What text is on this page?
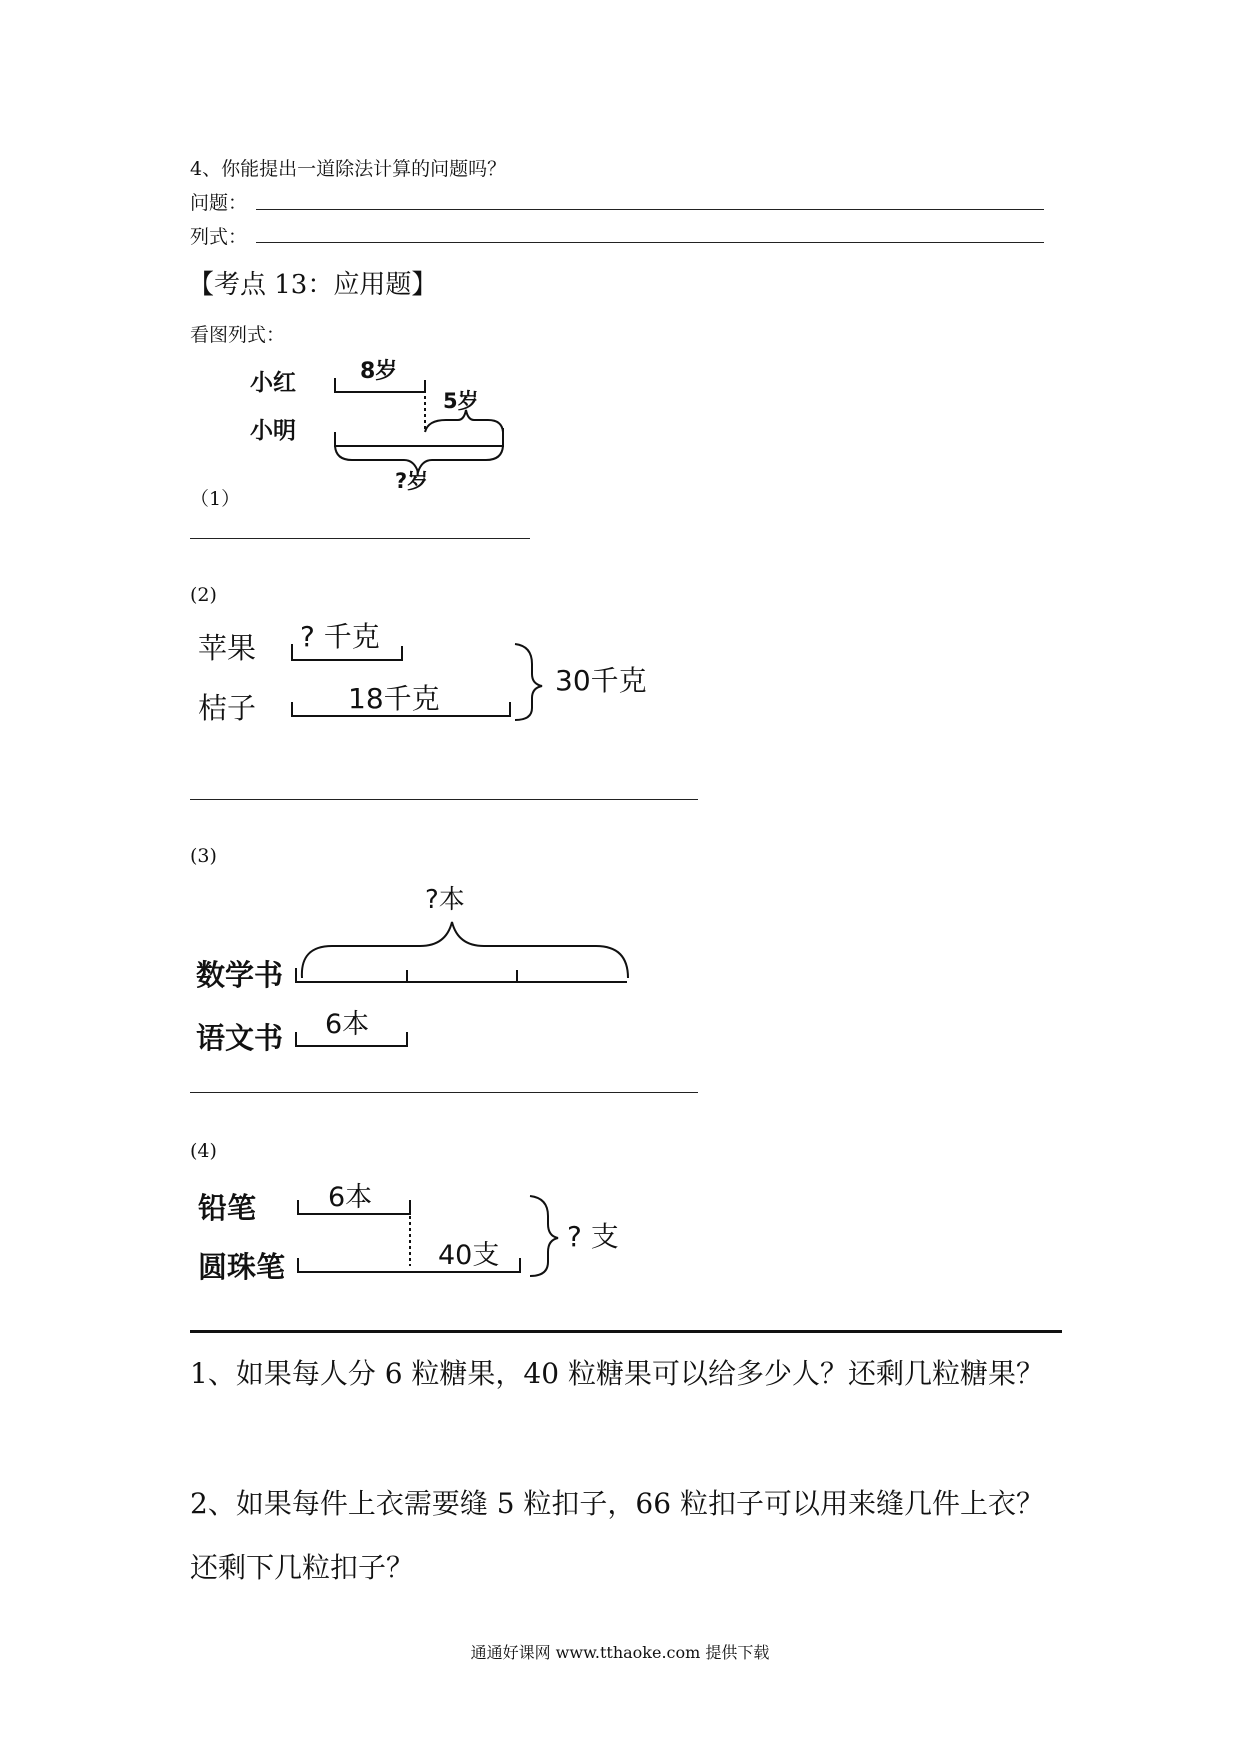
4、你能提出一道除法计算的问题吗？
问题：
列式：
【考点 13：应用题】
看图列式：
小红
小明
8岁
5岁
?岁
苹果
桔子
? 千克
18千克
30千克
?本
数学书
语文书 6本
铅笔
圆珠笔
6本
40支
? 支
（1）
(2)
(3)
(4)
1、如果每人分 6 粒糖果，40 粒糖果可以给多少人？还剩几粒糖果？
2、如果每件上衣需要缝 5 粒扣子，66 粒扣子可以用来缝几件上衣？
还剩下几粒扣子？
通通好课网 www.tthaoke.com 提供下载
